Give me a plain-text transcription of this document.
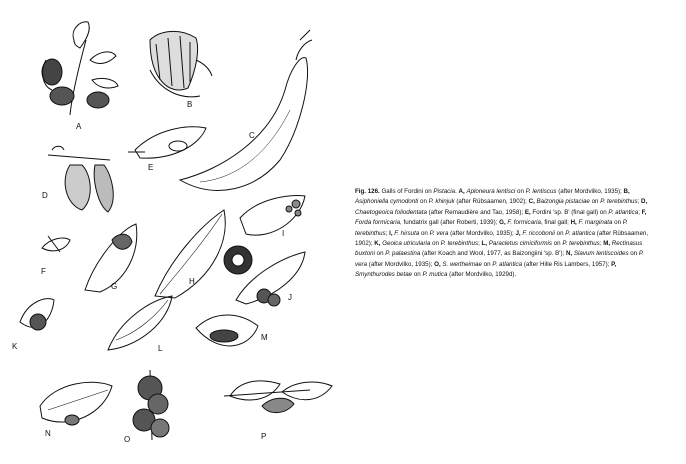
A
B
C
D
E
F
G
H
I
J
K	L
M
N
O	P
Fig. 126. Galls of Fordini on Pistacia. A, Aploneura lentisci on P. lentiscus (after Mordvilko, 1935); B, Asiphoniella cymodonti on P. khinjuk (after Rübsaamen, 1902); C, Baizongia pistaciae on P. terebinthus; D, Chaetogeoica foliodentata (after Remaudière and Tao, 1958); E, Fordini 'sp. B' (final gall) on P. atlantica; F, Forda formicaria, fundatrix gall (after Roberti, 1939); G, F. formicaria, final gall; H, F. marginata on P. terebinthus; I, F. hirsuta on P. vera (after Mordvilko, 1935); J, F. riccobonii on P. atlantica (after Rübsaamen, 1902); K, Geoica utricularia on P. terebinthus; L, Paracletus cimiciformis on P. terebinthus; M, Rectinasus buxtoni on P. palaestina (after Koach and Wool, 1977, as Baizongiini 'sp. B'); N, Slavum lentiscoides on P. vera (after Mordvilko, 1935); O, S. wertheimae on P. atlantica (after Hille Ris Lambers, 1957); P, Smynthurodes betae on P. mutica (after Mordvilko, 1929d).
